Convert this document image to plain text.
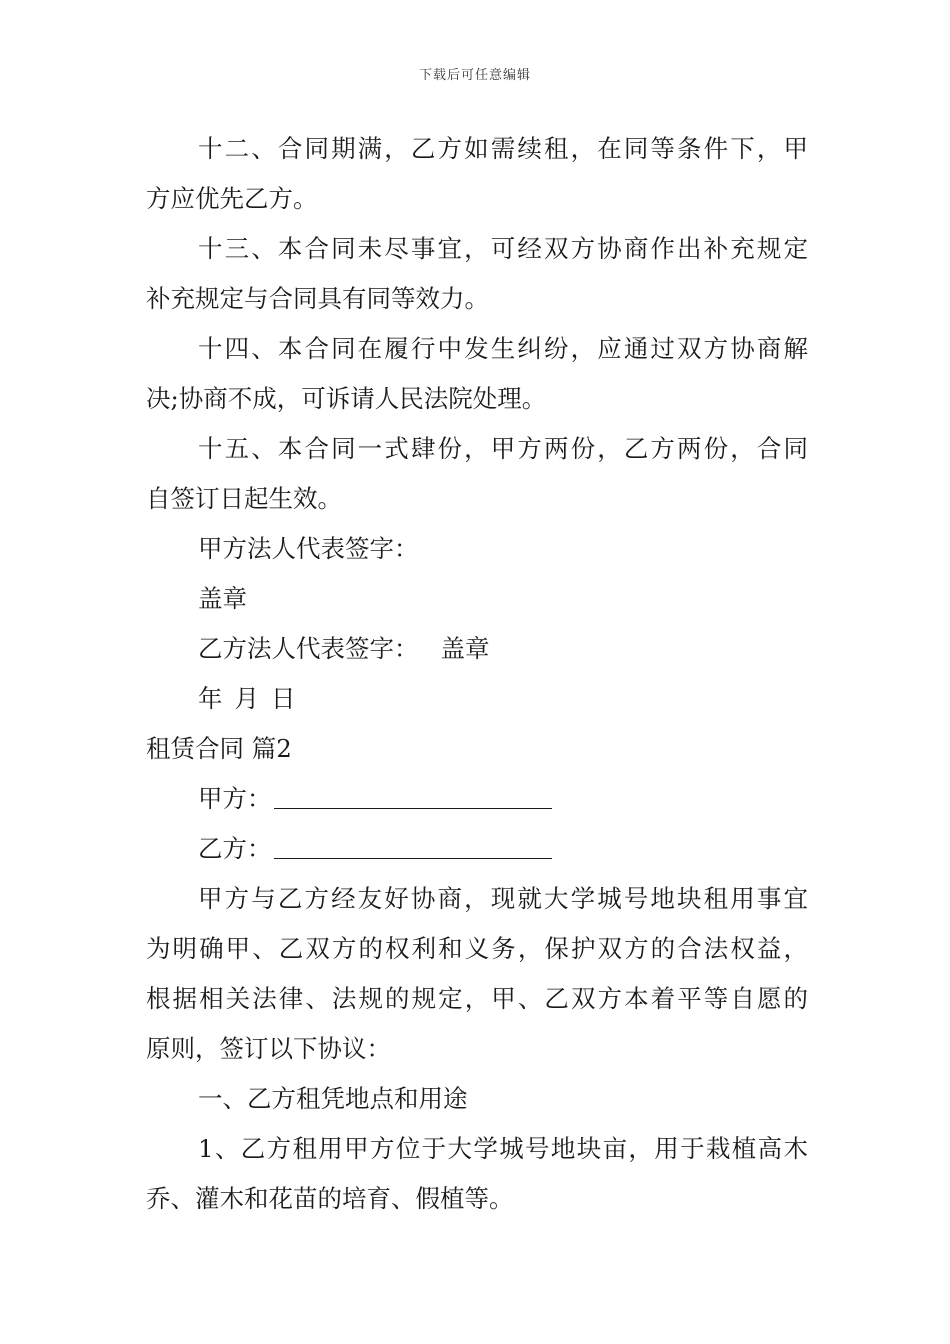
下载后可任意编辑
十二、合同期满，乙方如需续租，在同等条件下，甲
方应优先乙方。
十三、本合同未尽事宜，可经双方协商作出补充规定
补充规定与合同具有同等效力。
十四、本合同在履行中发生纠纷，应通过双方协商解
决;协商不成，可诉请人民法院处理。
十五、本合同一式肆份，甲方两份，乙方两份，合同
自签订日起生效。
甲方法人代表签字：
盖章
乙方法人代表签字： 盖章
年 月 日
租赁合同 篇2
甲方：
乙方：
甲方与乙方经友好协商，现就大学城号地块租用事宜
为明确甲、乙双方的权利和义务，保护双方的合法权益，
根据相关法律、法规的规定，甲、乙双方本着平等自愿的
原则，签订以下协议：
一、乙方租凭地点和用途
1、乙方租用甲方位于大学城号地块亩，用于栽植高木
乔、灌木和花苗的培育、假植等。
